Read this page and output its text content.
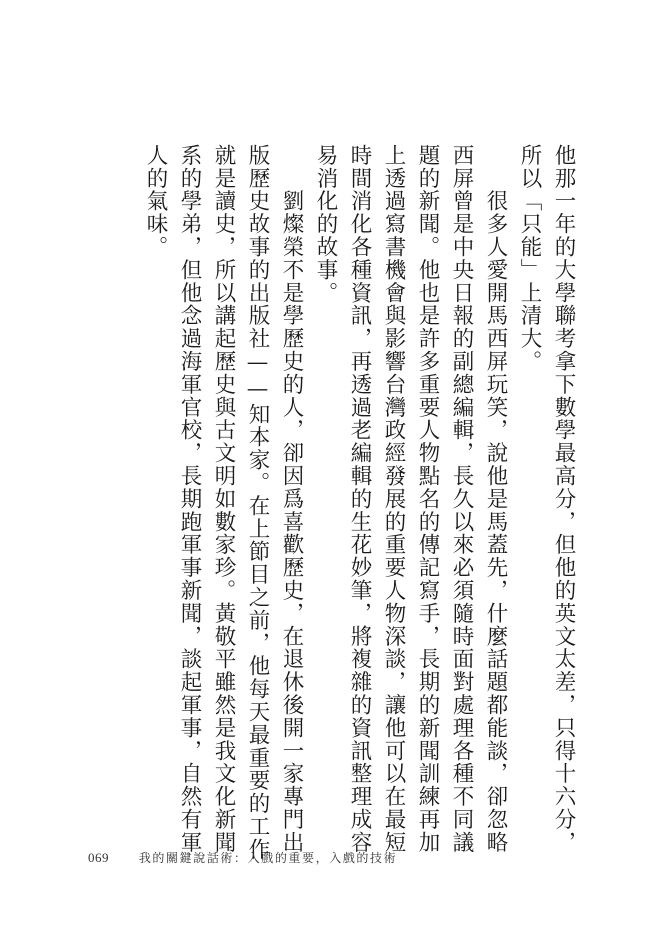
他那一年的大學聯考拿下數學最高分，但他的英文太差，只得十六分，
所以「只能」上清大。
　　很多人愛開馬西屏玩笑，說他是馬蓋先，什麼話題都能談，卻忽略
西屏曾是中央日報的副總編輯，長久以來必須隨時面對處理各種不同議
題的新聞。他也是許多重要人物點名的傳記寫手，長期的新聞訓練再加
上透過寫書機會與影響台灣政經發展的重要人物深談，讓他可以在最短
時間消化各種資訊，再透過老編輯的生花妙筆，將複雜的資訊整理成容
易消化的故事。
　　劉燦榮不是學歷史的人，卻因爲喜歡歷史，在退休後開一家專門出
版歷史故事的出版社——知本家。在上節目之前，他每天最重要的工作
就是讀史，所以講起歷史與古文明如數家珍。黃敬平雖然是我文化新聞
系的學弟，但他念過海軍官校，長期跑軍事新聞，談起軍事，自然有軍
人的氣味。
069 我的關鍵說話術：入戲的重要，入戲的技術
